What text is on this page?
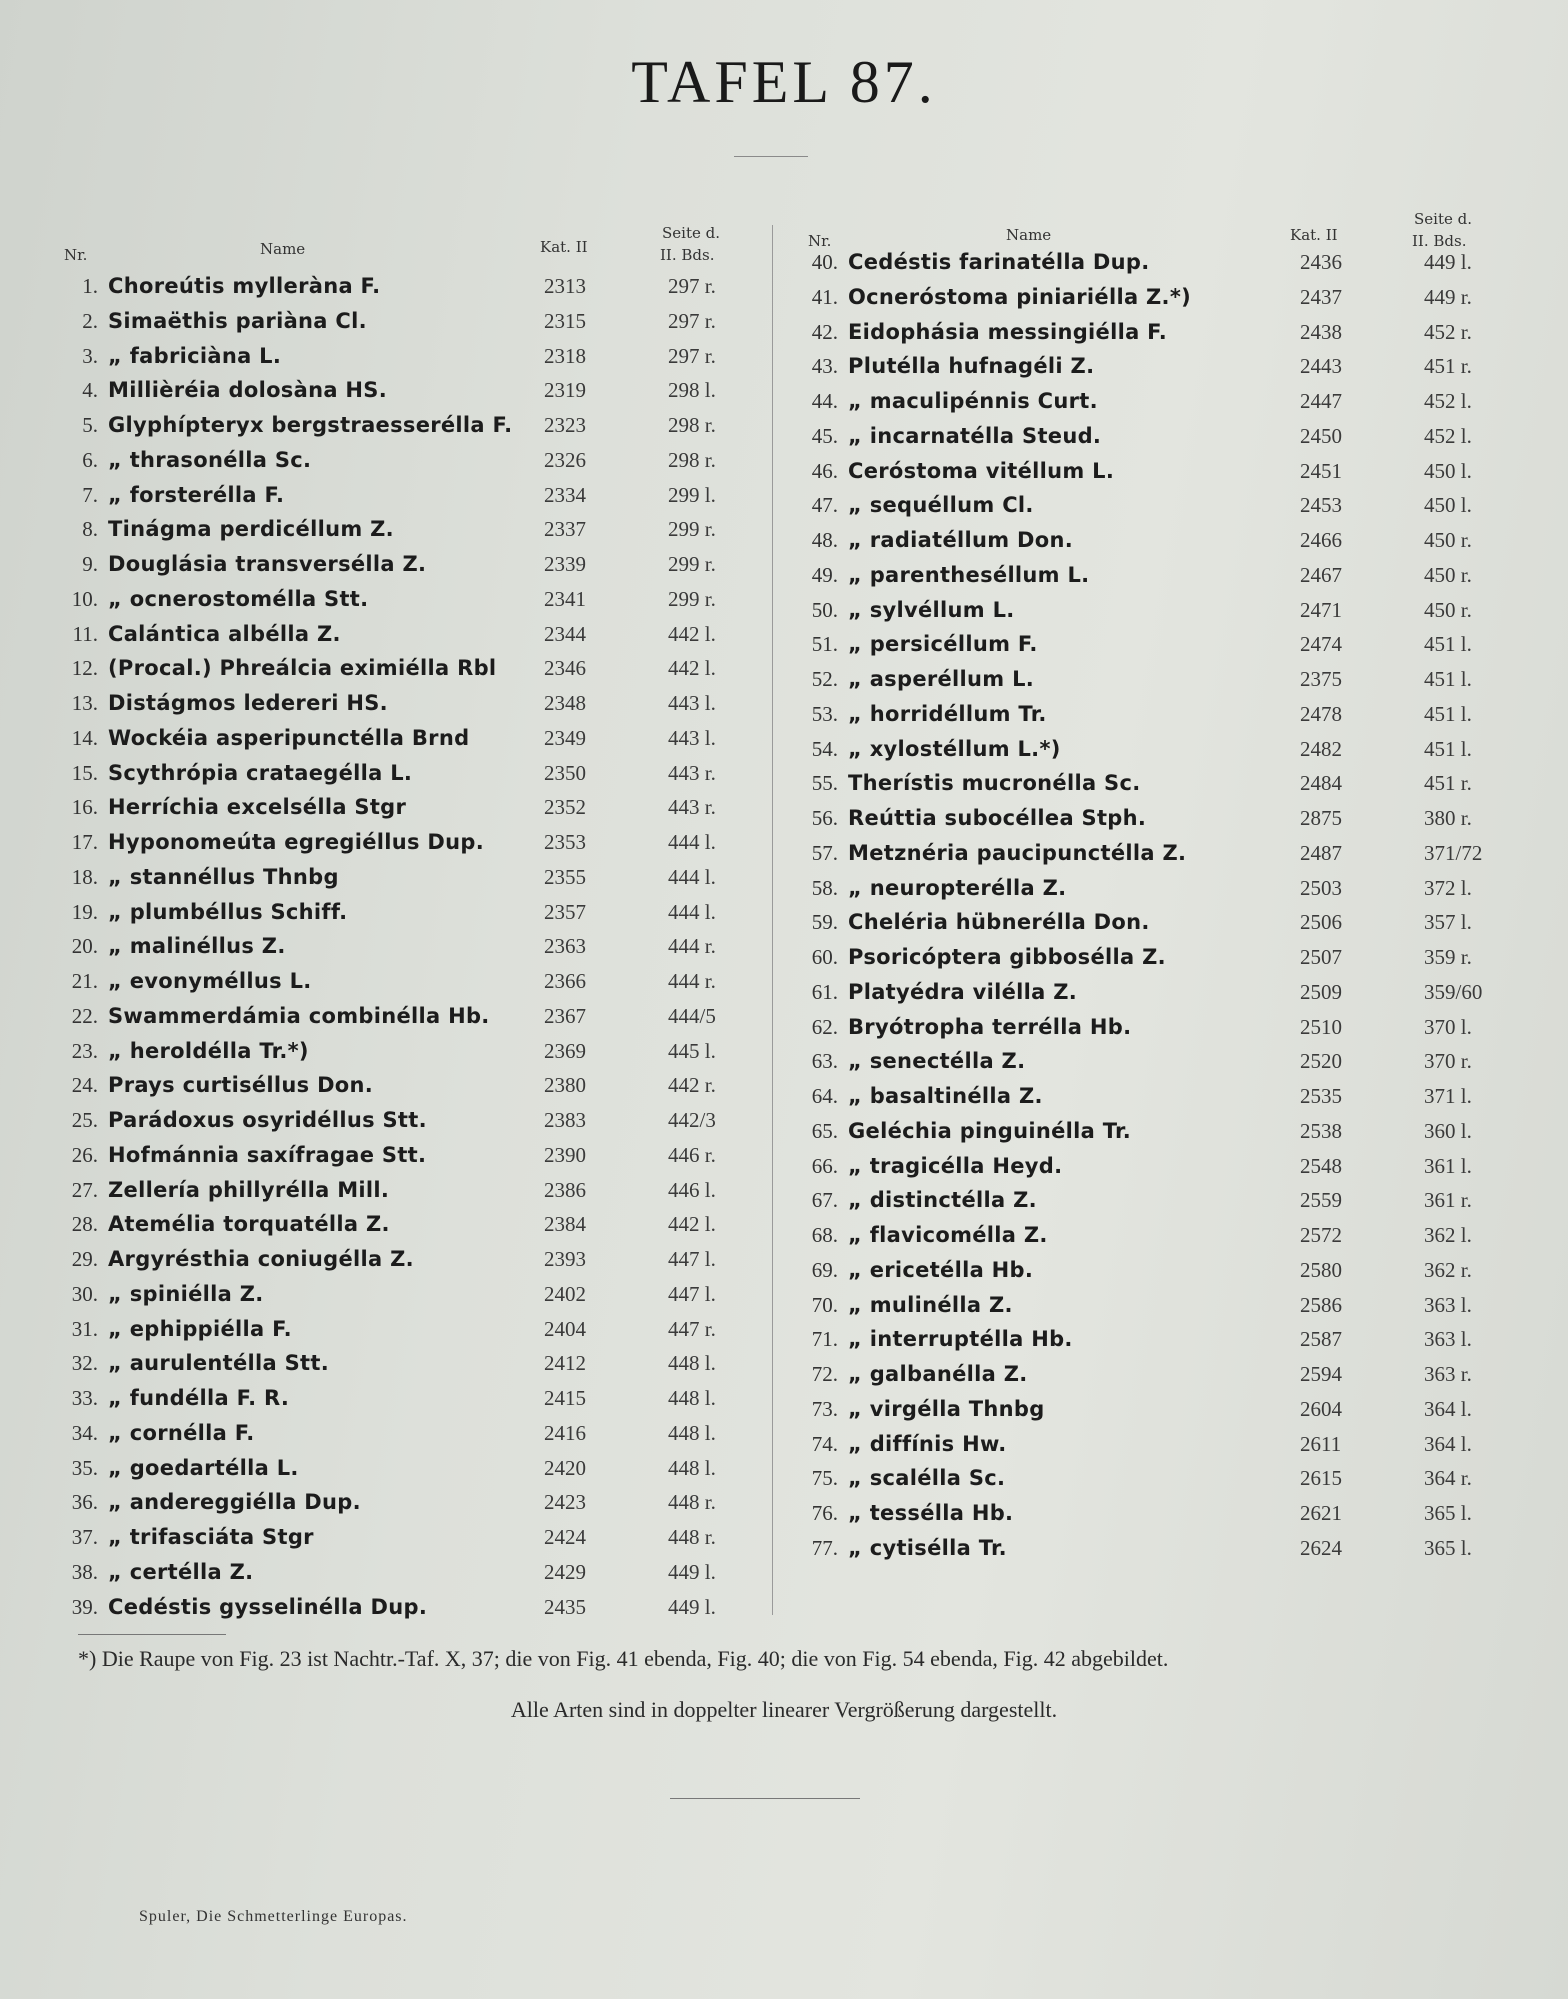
TAFEL 87.
Nr.	Name	Kat. II
Seite d.
II. Bds.
1. Choreútis mylleràna F.	2313	297 r.
2. Simaëthis pariàna Cl.	2315	297 r.
3. „ fabriciàna L.	2318	297 r.
4. Millièréia dolosàna HS.	2319	298 l.
5. Glyphípteryx bergstraesserélla F. 2323	298 r.
6. „ thrasonélla Sc.	2326	298 r.
7. „ forsterélla F.	2334	299 l.
8. Tinágma perdicéllum Z.	2337	299 r.
9. Douglásia transversélla Z.	2339	299 r.
10. „ ocnerostomélla Stt.	2341	299 r.
11. Calántica albélla Z.	2344	442 l.
12. (Procal.) Phreálcia eximiélla Rbl 2346	442 l.
13. Distágmos ledereri HS.	2348	443 l.
14. Wockéia asperipunctélla Brnd	2349	443 l.
15. Scythrópia crataegélla L.	2350	443 r.
16. Herríchia excelsélla Stgr	2352	443 r.
17. Hyponomeúta egregiéllus Dup.	2353	444 l.
18. „ stannéllus Thnbg	2355	444 l.
19. „ plumbéllus Schiff.	2357	444 l.
20. „ malinéllus Z.	2363	444 r.
21. „ evonyméllus L.	2366	444 r.
22. Swammerdámia combinélla Hb.	2367	444/5
23. „ heroldélla Tr.*)	2369	445 l.
24. Prays curtiséllus Don.	2380	442 r.
25. Parádoxus osyridéllus Stt.	2383	442/3
26. Hofmánnia saxífragae Stt.	2390	446 r.
27. Zellería phillyrélla Mill.	2386	446 l.
28. Atemélia torquatélla Z.	2384	442 l.
29. Argyrésthia coniugélla Z.	2393	447 l.
30. „ spiniélla Z.	2402	447 l.
31. „ ephippiélla F.	2404	447 r.
32. „ aurulentélla Stt.	2412	448 l.
33. „ fundélla F. R.	2415	448 l.
34. „ cornélla F.	2416	448 l.
35. „ goedartélla L.	2420	448 l.
36. „ andereggiélla Dup.	2423	448 r.
37. „ trifasciáta Stgr	2424	448 r.
38. „ certélla Z.	2429	449 l.
39. Cedéstis gysselinélla Dup.	2435	449 l.
Nr.	Name	Kat. II
Seite d.
II. Bds.
40. Cedéstis farinatélla Dup.	2436	449 l.
41. Ocneróstoma piniariélla Z.*)	2437	449 r.
42. Eidophásia messingiélla F.	2438	452 r.
43. Plutélla hufnagéli Z.	2443	451 r.
44. „ maculipénnis Curt.	2447	452 l.
45. „ incarnatélla Steud.	2450	452 l.
46. Ceróstoma vitéllum L.	2451	450 l.
47. „ sequéllum Cl.	2453	450 l.
48. „ radiatéllum Don.	2466	450 r.
49. „ parentheséllum L.	2467	450 r.
50. „ sylvéllum L.	2471	450 r.
51. „ persicéllum F.	2474	451 l.
52. „ asperéllum L.	2375	451 l.
53. „ horridéllum Tr.	2478	451 l.
54. „ xylostéllum L.*)	2482	451 l.
55. Therístis mucronélla Sc.	2484	451 r.
56. Reúttia subocéllea Stph.	2875	380 r.
57. Metznéria paucipunctélla Z.	2487	371/72
58. „ neuropterélla Z.	2503	372 l.
59. Cheléria hübnerélla Don.	2506	357 l.
60. Psoricóptera gibbosélla Z.	2507	359 r.
61. Platyédra vilélla Z.	2509	359/60
62. Bryótropha terrélla Hb.	2510	370 l.
63. „ senectélla Z.	2520	370 r.
64. „ basaltinélla Z.	2535	371 l.
65. Geléchia pinguinélla Tr.	2538	360 l.
66. „ tragicélla Heyd.	2548	361 l.
67. „ distinctélla Z.	2559	361 r.
68. „ flavicomélla Z.	2572	362 l.
69. „ ericetélla Hb.	2580	362 r.
70. „ mulinélla Z.	2586	363 l.
71. „ interruptélla Hb.	2587	363 l.
72. „ galbanélla Z.	2594	363 r.
73. „ virgélla Thnbg	2604	364 l.
74. „ diffínis Hw.	2611	364 l.
75. „ scalélla Sc.	2615	364 r.
76. „ tessélla Hb.	2621	365 l.
77. „ cytisélla Tr.	2624	365 l.
*) Die Raupe von Fig. 23 ist Nachtr.-Taf. X, 37; die von Fig. 41 ebenda, Fig. 40; die von Fig. 54 ebenda, Fig. 42 abgebildet.
Alle Arten sind in doppelter linearer Vergrößerung dargestellt.
Spuler, Die Schmetterlinge Europas.
